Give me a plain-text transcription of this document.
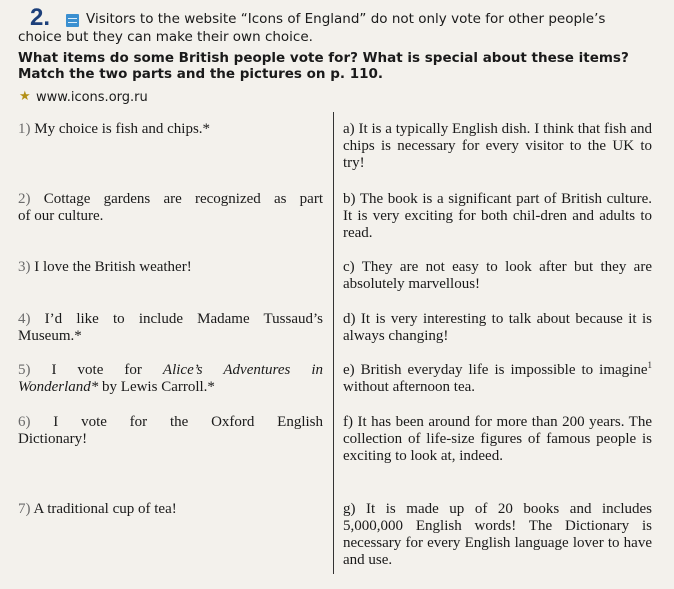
2.	Visitors to the website “Icons of England” do not only vote for other people’s
choice but they can make their own choice.
What items do some British people vote for? What is special about these items?
Match the two parts and the pictures on p. 110.
★ www.icons.org.ru
1) My choice is fish and chips.*
2) Cottage gardens are recognized as part
of our culture.
3) I love the British weather!
4) I’d like to include Madame Tussaud’s
Museum.*
5) I vote for Alice’s Adventures in
Wonderland* by Lewis Carroll.*
6) I vote for the Oxford English
Dictionary!
7) A traditional cup of tea!
a) It is a typically English dish. I think that fish and chips is necessary for every visitor to the UK to try!
b) The book is a significant part of British culture. It is very exciting for both chil-dren and adults to read.
c) They are not easy to look after but they are absolutely marvellous!
d) It is very interesting to talk about because it is always changing!
e) British everyday life is impossible to imagine$^1$ without afternoon tea.
f) It has been around for more than 200 years. The collection of life-size figures of famous people is exciting to look at, indeed.
g) It is made up of 20 books and includes 5,000,000 English words! The Dictionary is necessary for every English language lover to have and use.
